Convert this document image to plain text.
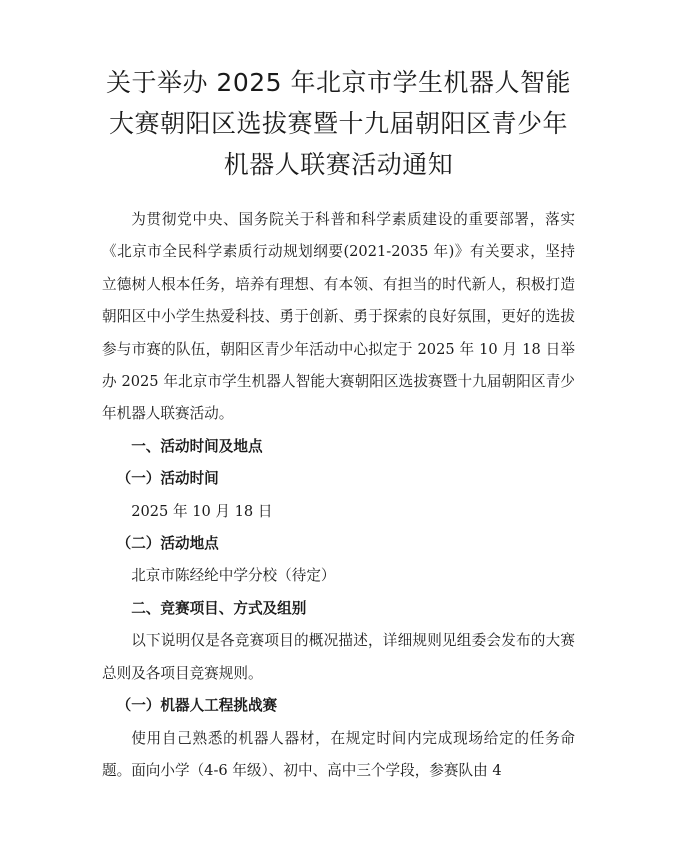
关于举办 2025 年北京市学生机器人智能大赛朝阳区选拔赛暨十九届朝阳区青少年机器人联赛活动通知

为贯彻党中央、国务院关于科普和科学素质建设的重要部署，落实《北京市全民科学素质行动规划纲要(2021-2035 年)》有关要求，坚持立德树人根本任务，培养有理想、有本领、有担当的时代新人，积极打造朝阳区中小学生热爱科技、勇于创新、勇于探索的良好氛围，更好的选拔参与市赛的队伍，朝阳区青少年活动中心拟定于 2025 年 10 月 18 日举办 2025 年北京市学生机器人智能大赛朝阳区选拔赛暨十九届朝阳区青少年机器人联赛活动。

一、活动时间及地点

（一）活动时间

2025 年 10 月 18 日

（二）活动地点

北京市陈经纶中学分校（待定）

二、竞赛项目、方式及组别

以下说明仅是各竞赛项目的概况描述，详细规则见组委会发布的大赛总则及各项目竞赛规则。

（一）机器人工程挑战赛

使用自己熟悉的机器人器材，在规定时间内完成现场给定的任务命题。面向小学（4-6 年级）、初中、高中三个学段，参赛队由 4
